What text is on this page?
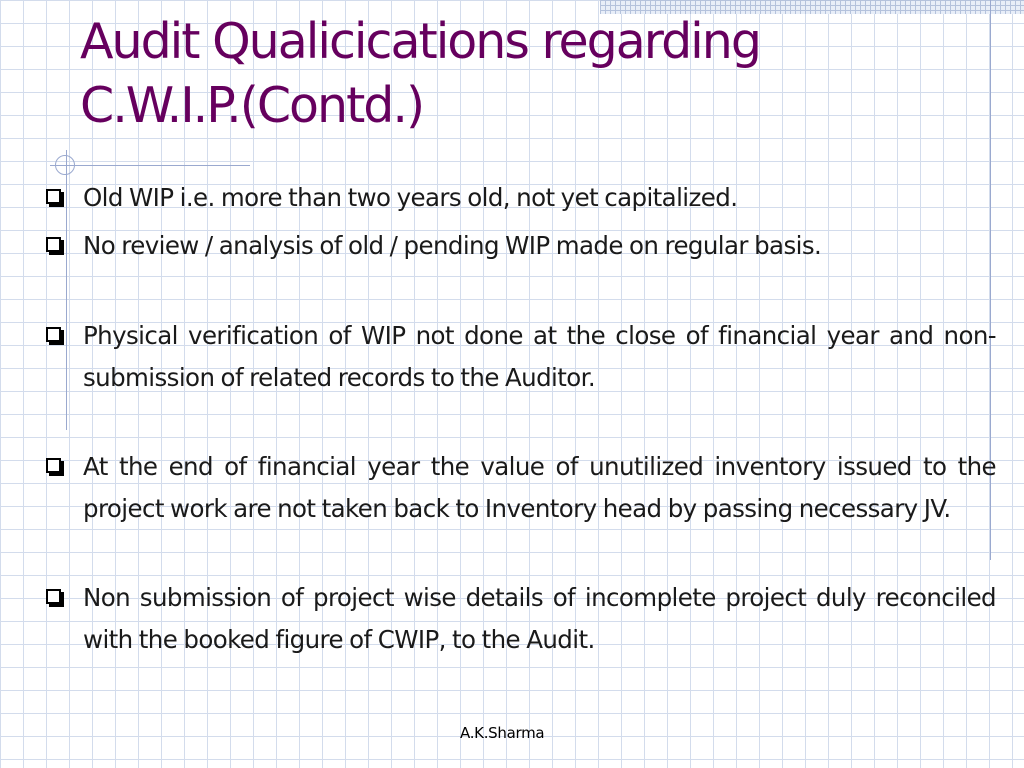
Audit Qualicications regarding
C.W.I.P.(Contd.)
Old WIP i.e. more than two years old, not yet capitalized.
No review / analysis of old / pending WIP made on regular basis.
Physical verification of WIP not done at the close of financial year and non-submission of related records to the Auditor.
At the end of financial year the value of unutilized inventory issued to the project work are not taken back to Inventory head by passing necessary JV.
Non submission of project wise details of incomplete project duly reconciled with the booked figure of CWIP, to the Audit.
A.K.Sharma
